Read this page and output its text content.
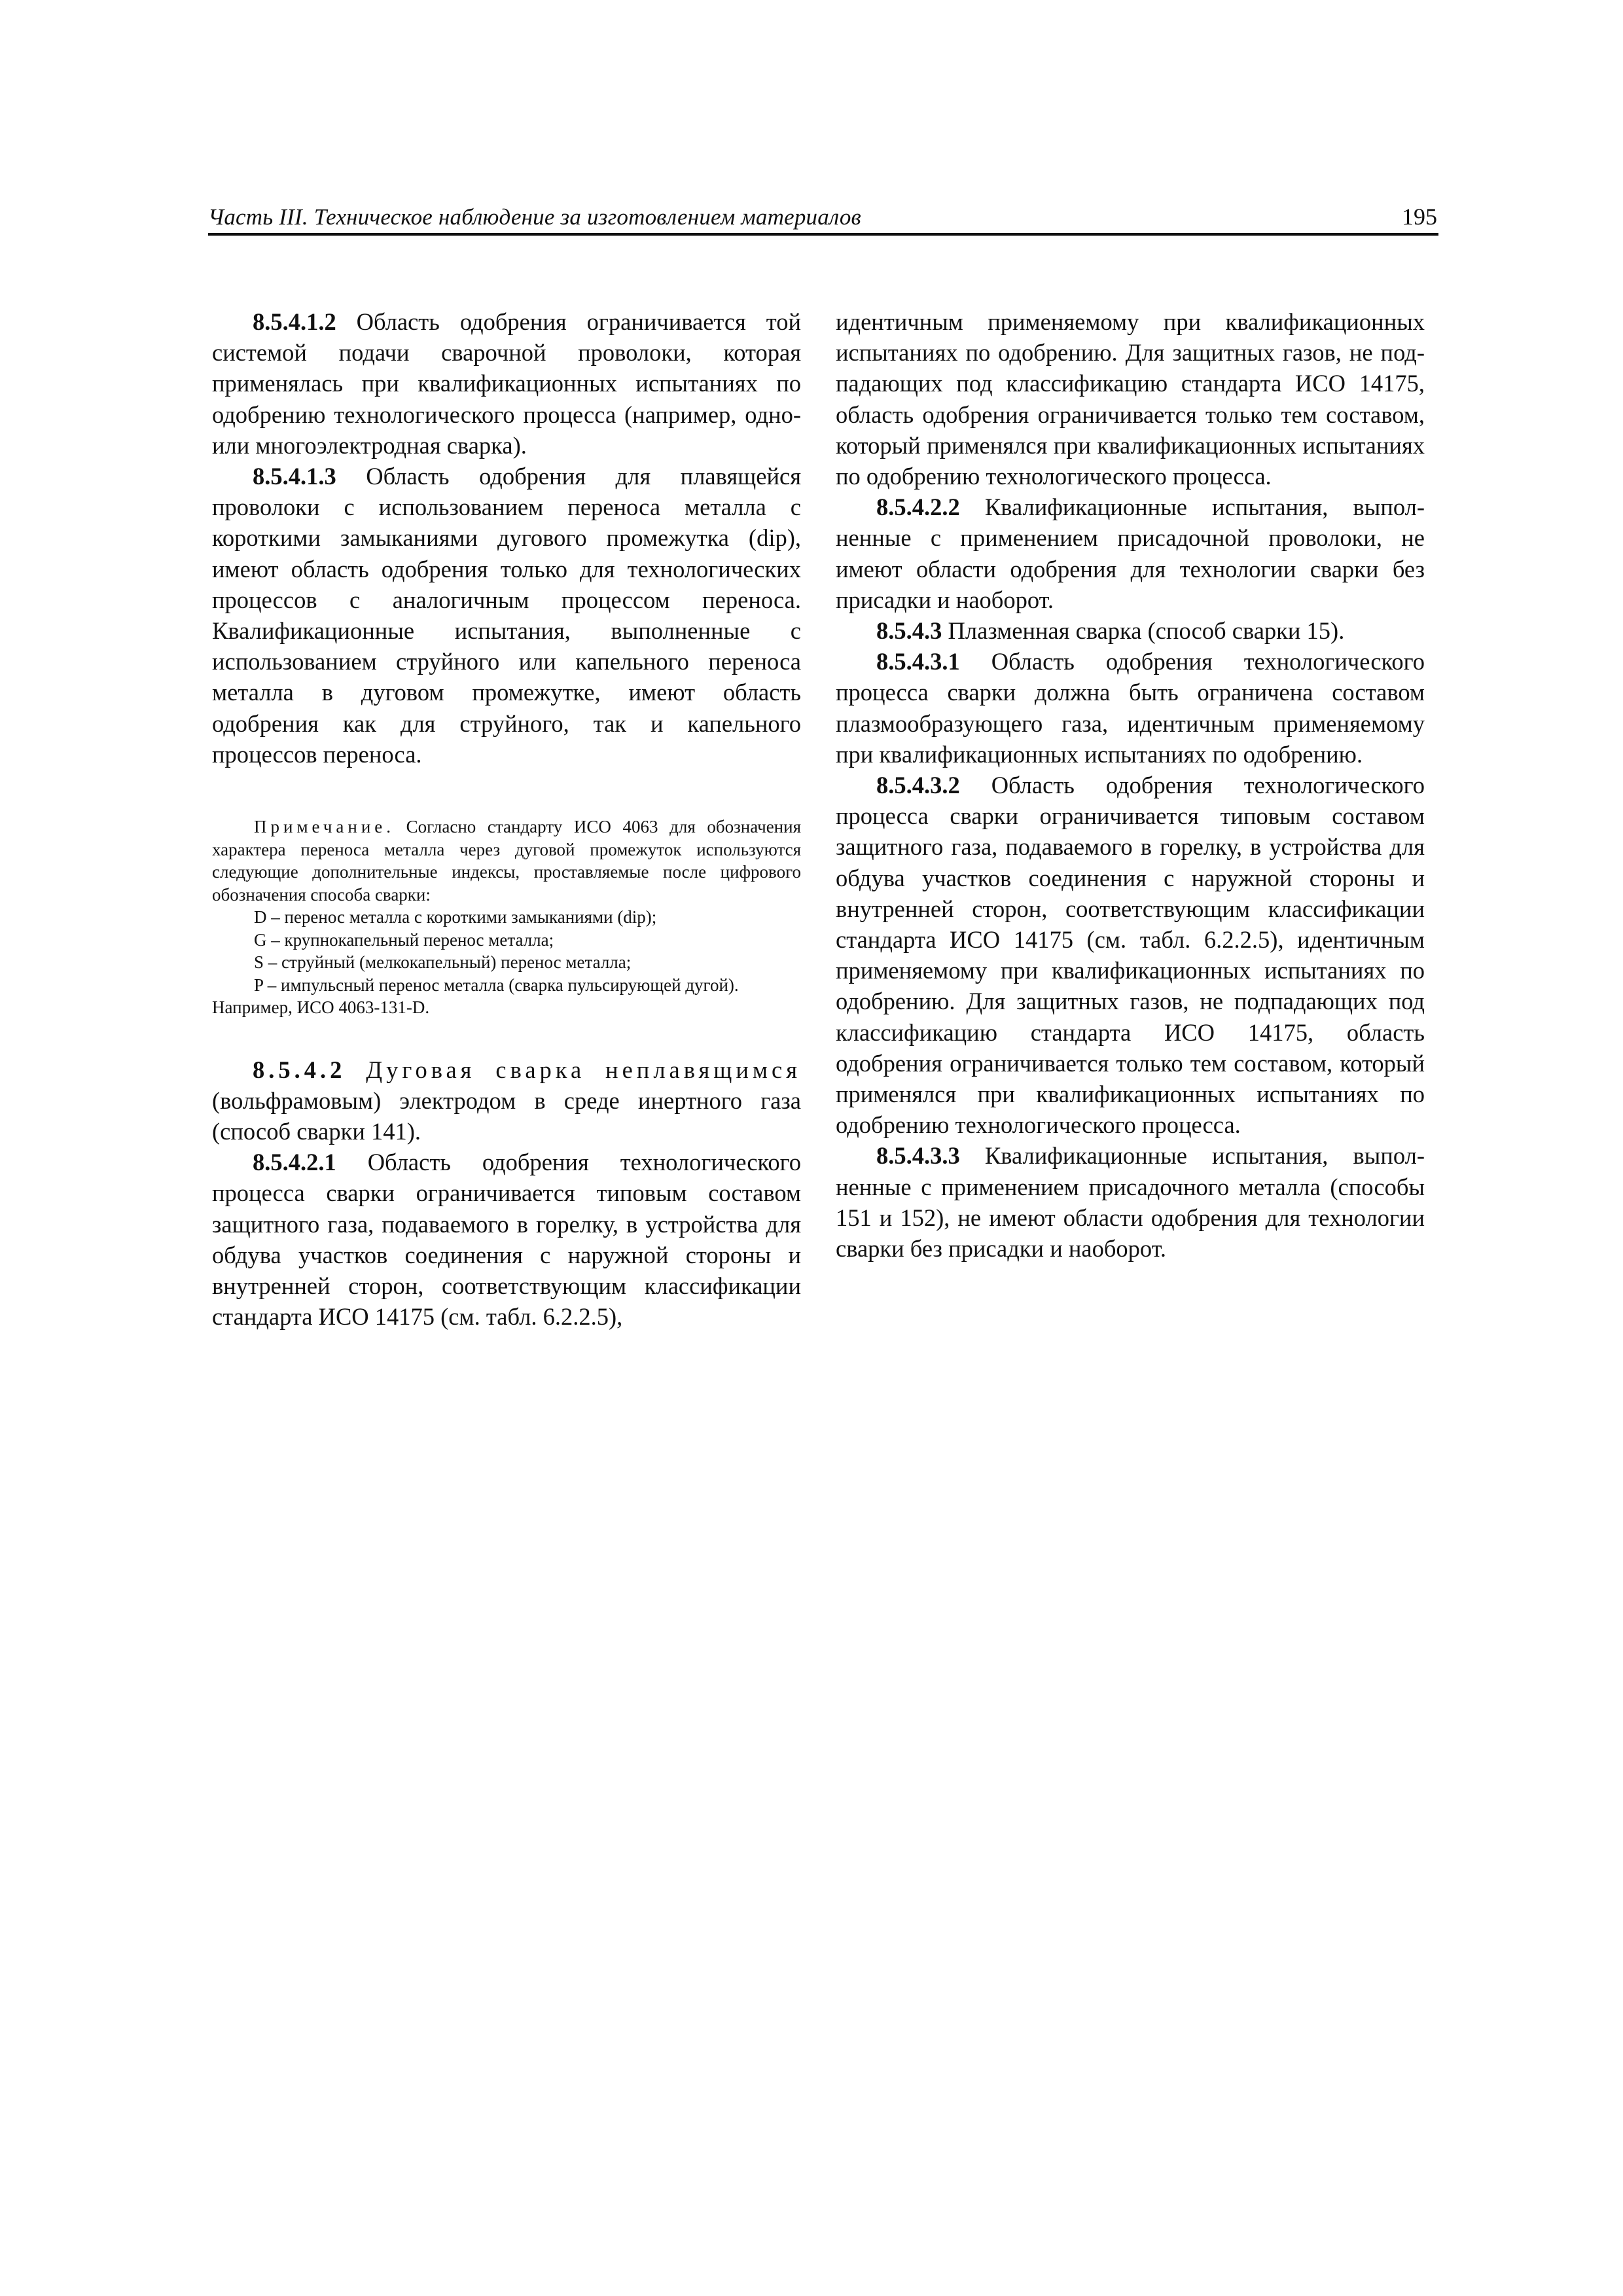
Часть III. Техническое наблюдение за изготовлением материалов	195

8.5.4.1.2 Область одобрения ограничивается той системой подачи сварочной проволоки, которая применялась при квалификационных испытаниях по одобрению технологического процесса (например, одно- или многоэлектродная сварка).

8.5.4.1.3 Область одобрения для плавящейся проволоки с использованием переноса металла с короткими замыканиями дугового промежутка (dip), имеют область одобрения только для технологических процессов с аналогичным процессом переноса. Квалификационные испытания, выполненные с использованием струйного или капельного переноса металла в дуговом промежутке, имеют область одобрения как для струйного, так и капельного процессов переноса.

Примечание. Согласно стандарту ИСО 4063 для обозначения характера переноса металла через дуговой промежуток используются следующие дополнительные индексы, проставляемые после цифрового обозначения способа сварки:

D – перенос металла с короткими замыканиями (dip);

G – крупнокапельный перенос металла;

S – струйный (мелкокапельный) перенос металла;

P – импульсный перенос металла (сварка пульсирующей дугой).

Например, ИСО 4063-131-D.

8.5.4.2 Дуговая сварка неплавящимся (вольфрамовым) электродом в среде инертного газа (способ сварки 141).

8.5.4.2.1 Область одобрения технологического процесса сварки ограничивается типовым составом защитного газа, подаваемого в горелку, в устройства для обдува участков соединения с наружной стороны и внутренней сторон, соответствующим классификации стандарта ИСО 14175 (см. табл. 6.2.2.5),

идентичным применяемому при квалификационных испытаниях по одобрению. Для защитных газов, не подпадающих под классификацию стандарта ИСО 14175, область одобрения ограничивается только тем составом, который применялся при квалификационных испытаниях по одобрению технологического процесса.

8.5.4.2.2 Квалификационные испытания, выполненные с применением присадочной проволоки, не имеют области одобрения для технологии сварки без присадки и наоборот.

8.5.4.3 Плазменная сварка (способ сварки 15).

8.5.4.3.1 Область одобрения технологического процесса сварки должна быть ограничена составом плазмообразующего газа, идентичным применяемому при квалификационных испытаниях по одобрению.

8.5.4.3.2 Область одобрения технологического процесса сварки ограничивается типовым составом защитного газа, подаваемого в горелку, в устройства для обдува участков соединения с наружной стороны и внутренней сторон, соответствующим классификации стандарта ИСО 14175 (см. табл. 6.2.2.5), идентичным применяемому при квалификационных испытаниях по одобрению. Для защитных газов, не подпадающих под классификацию стандарта ИСО 14175, область одобрения ограничивается только тем составом, который применялся при квалификационных испытаниях по одобрению технологического процесса.

8.5.4.3.3 Квалификационные испытания, выполненные с применением присадочного металла (способы 151 и 152), не имеют области одобрения для технологии сварки без присадки и наоборот.
